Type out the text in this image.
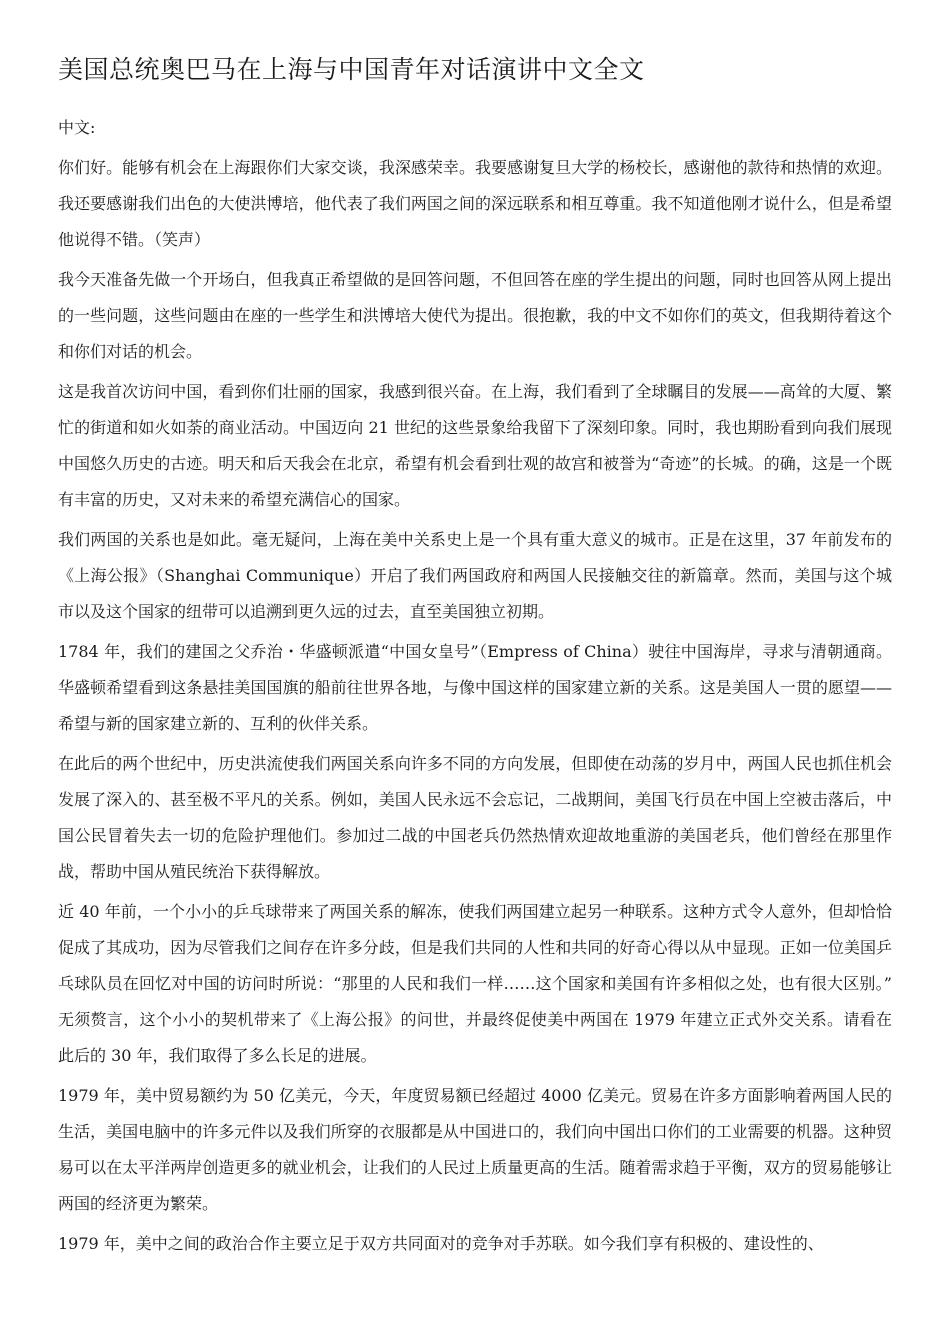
美国总统奥巴马在上海与中国青年对话演讲中文全文

中文:

你们好。能够有机会在上海跟你们大家交谈，我深感荣幸。我要感谢复旦大学的杨校长，感谢他的款待和热情的欢迎。我还要感谢我们出色的大使洪博培，他代表了我们两国之间的深远联系和相互尊重。我不知道他刚才说什么，但是希望他说得不错。（笑声）

我今天准备先做一个开场白，但我真正希望做的是回答问题，不但回答在座的学生提出的问题，同时也回答从网上提出的一些问题，这些问题由在座的一些学生和洪博培大使代为提出。很抱歉，我的中文不如你们的英文，但我期待着这个和你们对话的机会。

这是我首次访问中国，看到你们壮丽的国家，我感到很兴奋。在上海，我们看到了全球瞩目的发展——高耸的大厦、繁忙的街道和如火如荼的商业活动。中国迈向 21 世纪的这些景象给我留下了深刻印象。同时，我也期盼看到向我们展现中国悠久历史的古迹。明天和后天我会在北京，希望有机会看到壮观的故宫和被誉为“奇迹”的长城。的确，这是一个既有丰富的历史，又对未来的希望充满信心的国家。

我们两国的关系也是如此。毫无疑问，上海在美中关系史上是一个具有重大意义的城市。正是在这里，37 年前发布的《上海公报》（Shanghai Communique）开启了我们两国政府和两国人民接触交往的新篇章。然而，美国与这个城市以及这个国家的纽带可以追溯到更久远的过去，直至美国独立初期。

1784 年，我们的建国之父乔治・华盛顿派遣“中国女皇号”（Empress of China）驶往中国海岸，寻求与清朝通商。华盛顿希望看到这条悬挂美国国旗的船前往世界各地，与像中国这样的国家建立新的关系。这是美国人一贯的愿望——希望与新的国家建立新的、互利的伙伴关系。

在此后的两个世纪中，历史洪流使我们两国关系向许多不同的方向发展，但即使在动荡的岁月中，两国人民也抓住机会发展了深入的、甚至极不平凡的关系。例如，美国人民永远不会忘记，二战期间，美国飞行员在中国上空被击落后，中国公民冒着失去一切的危险护理他们。参加过二战的中国老兵仍然热情欢迎故地重游的美国老兵，他们曾经在那里作战，帮助中国从殖民统治下获得解放。

近 40 年前，一个小小的乒乓球带来了两国关系的解冻，使我们两国建立起另一种联系。这种方式令人意外，但却恰恰促成了其成功，因为尽管我们之间存在许多分歧，但是我们共同的人性和共同的好奇心得以从中显现。正如一位美国乒乓球队员在回忆对中国的访问时所说：“那里的人民和我们一样……这个国家和美国有许多相似之处，也有很大区别。” 无须赘言，这个小小的契机带来了《上海公报》的问世，并最终促使美中两国在 1979 年建立正式外交关系。请看在此后的 30 年，我们取得了多么长足的进展。

1979 年，美中贸易额约为 50 亿美元，今天，年度贸易额已经超过 4000 亿美元。贸易在许多方面影响着两国人民的生活，美国电脑中的许多元件以及我们所穿的衣服都是从中国进口的，我们向中国出口你们的工业需要的机器。这种贸易可以在太平洋两岸创造更多的就业机会，让我们的人民过上质量更高的生活。随着需求趋于平衡，双方的贸易能够让两国的经济更为繁荣。

1979 年，美中之间的政治合作主要立足于双方共同面对的竞争对手苏联。如今我们享有积极的、建设性的、
